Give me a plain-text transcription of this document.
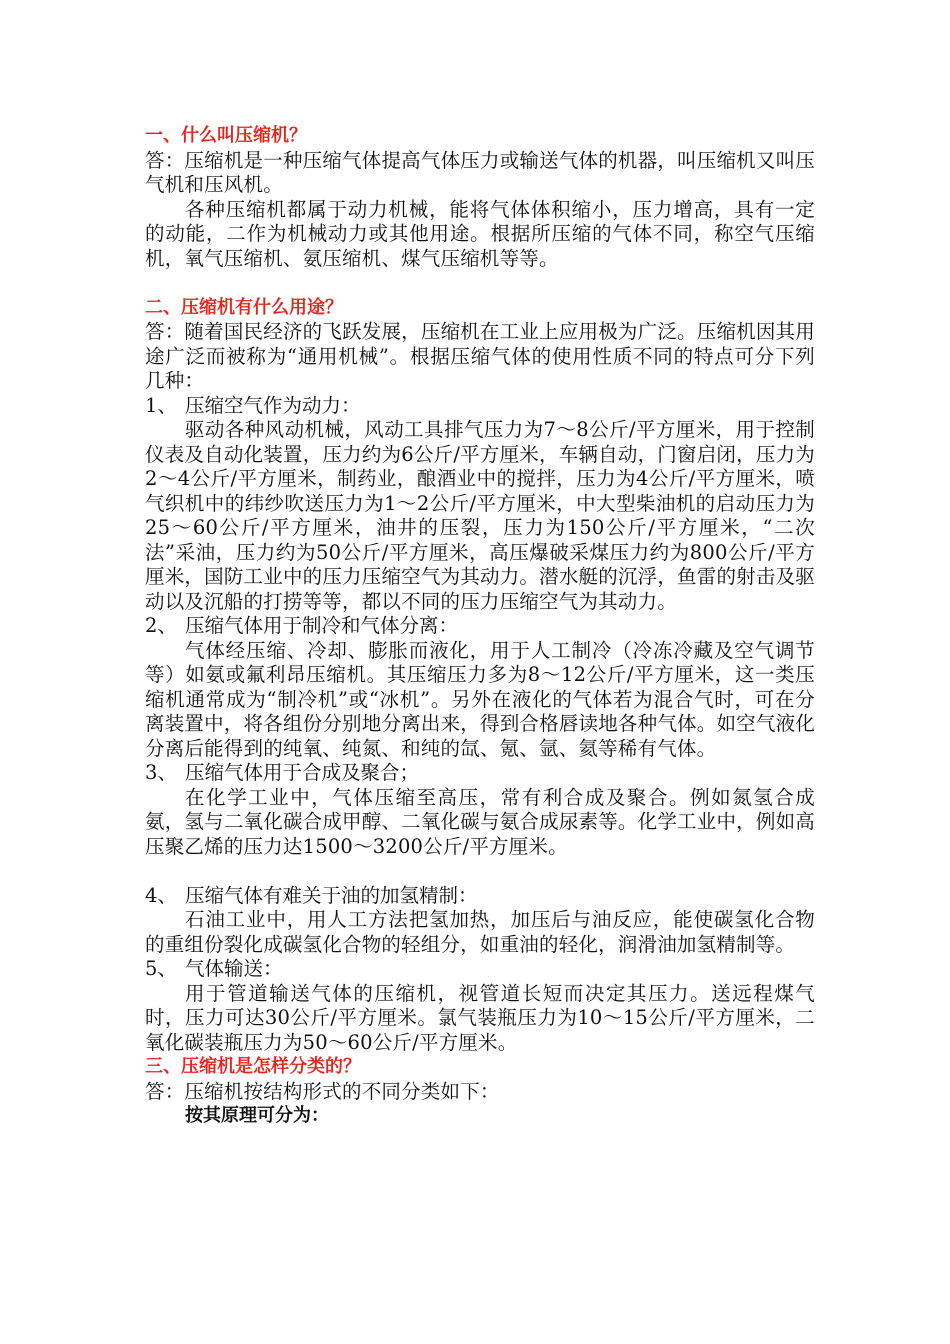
一、什么叫压缩机？
答：压缩机是一种压缩气体提高气体压力或输送气体的机器，叫压缩机又叫压气机和压风机。
各种压缩机都属于动力机械，能将气体体积缩小，压力增高，具有一定的动能，二作为机械动力或其他用途。根据所压缩的气体不同，称空气压缩机，氧气压缩机、氨压缩机、煤气压缩机等等。
二、压缩机有什么用途？
答：随着国民经济的飞跃发展，压缩机在工业上应用极为广泛。压缩机因其用途广泛而被称为“通用机械”。根据压缩气体的使用性质不同的特点可分下列几种：
1、 压缩空气作为动力：
驱动各种风动机械，风动工具排气压力为7～8公斤/平方厘米，用于控制仪表及自动化装置，压力约为6公斤/平方厘米，车辆自动，门窗启闭，压力为2～4公斤/平方厘米，制药业，酿酒业中的搅拌，压力为4公斤/平方厘米，喷气织机中的纬纱吹送压力为1～2公斤/平方厘米，中大型柴油机的启动压力为25～60公斤/平方厘米，油井的压裂，压力为150公斤/平方厘米，“二次法”采油，压力约为50公斤/平方厘米，高压爆破采煤压力约为800公斤/平方厘米，国防工业中的压力压缩空气为其动力。潜水艇的沉浮，鱼雷的射击及驱动以及沉船的打捞等等，都以不同的压力压缩空气为其动力。
2、 压缩气体用于制冷和气体分离：
气体经压缩、冷却、膨胀而液化，用于人工制冷（冷冻冷藏及空气调节等）如氨或氟利昂压缩机。其压缩压力多为8～12公斤/平方厘米，这一类压缩机通常成为“制冷机”或“冰机”。另外在液化的气体若为混合气时，可在分离装置中，将各组份分别地分离出来，得到合格唇读地各种气体。如空气液化分离后能得到的纯氧、纯氮、和纯的氙、氪、氩、氦等稀有气体。
3、 压缩气体用于合成及聚合；
在化学工业中，气体压缩至高压，常有利合成及聚合。例如氮氢合成氨，氢与二氧化碳合成甲醇、二氧化碳与氨合成尿素等。化学工业中，例如高压聚乙烯的压力达1500～3200公斤/平方厘米。
4、 压缩气体有难关于油的加氢精制：
石油工业中，用人工方法把氢加热，加压后与油反应，能使碳氢化合物的重组份裂化成碳氢化合物的轻组分，如重油的轻化，润滑油加氢精制等。
5、 气体输送：
用于管道输送气体的压缩机，视管道长短而决定其压力。送远程煤气时，压力可达30公斤/平方厘米。氯气装瓶压力为10～15公斤/平方厘米，二氧化碳装瓶压力为50～60公斤/平方厘米。
三、压缩机是怎样分类的？
答：压缩机按结构形式的不同分类如下：
按其原理可分为：
